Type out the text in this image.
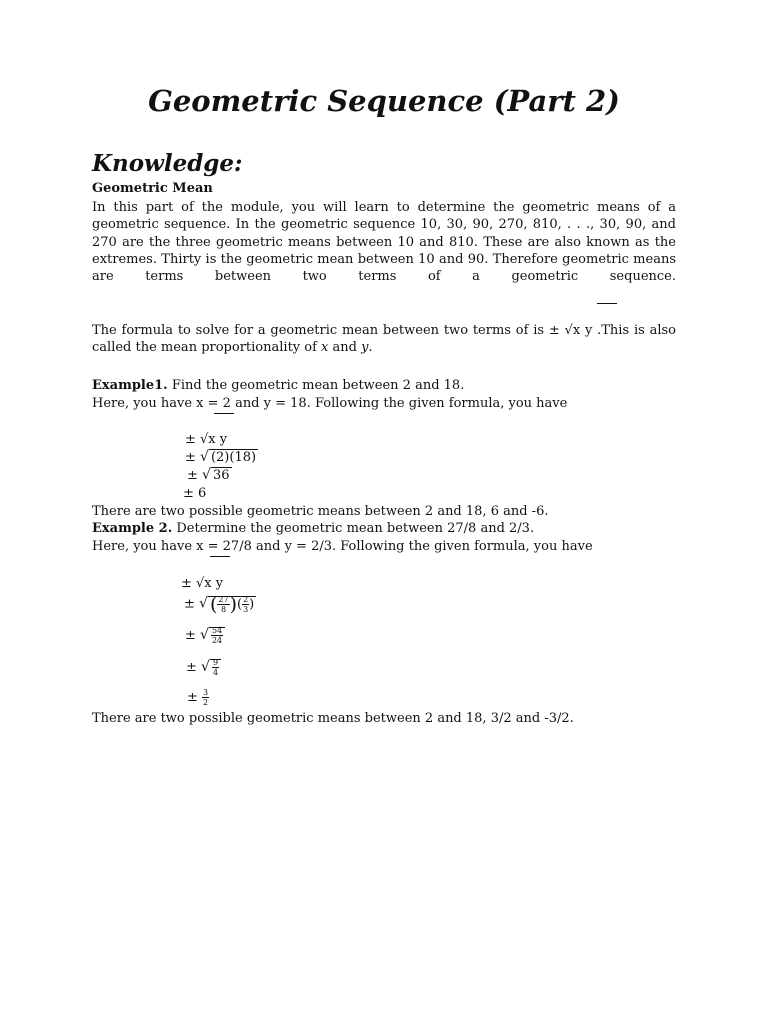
Geometric Sequence (Part 2)
Knowledge:
Geometric Mean
In this part of the module, you will learn to determine the geometric means of a geometric sequence. In the geometric sequence 10, 30, 90, 270, 810, . . ., 30, 90, and 270 are the three geometric means between 10 and 810. These are also known as the extremes. Thirty is the geometric mean between 10 and 90. Therefore geometric means are terms between two terms of a geometric sequence.
The formula to solve for a geometric mean between two terms of is ± √x y .This is also called the mean proportionality of x and y.
Example1. Find the geometric mean between 2 and 18.
Here, you have x = 2 and y = 18. Following the given formula, you have
± √x y
± √ (2)(18)
± √ 36
± 6
There are two possible geometric means between 2 and 18, 6 and -6.
Example 2. Determine the geometric mean between 27/8 and 2/3.
Here, you have x = 27/8 and y = 2/3. Following the given formula, you have
± √x y
± √ ( $\frac{27}{8}$ )( $\frac{2}{3}$ )
± √ $\frac{54}{24}$
± √ $\frac{9}{4}$
± $\frac{3}{2}$
There are two possible geometric means between 2 and 18, 3/2 and -3/2.
